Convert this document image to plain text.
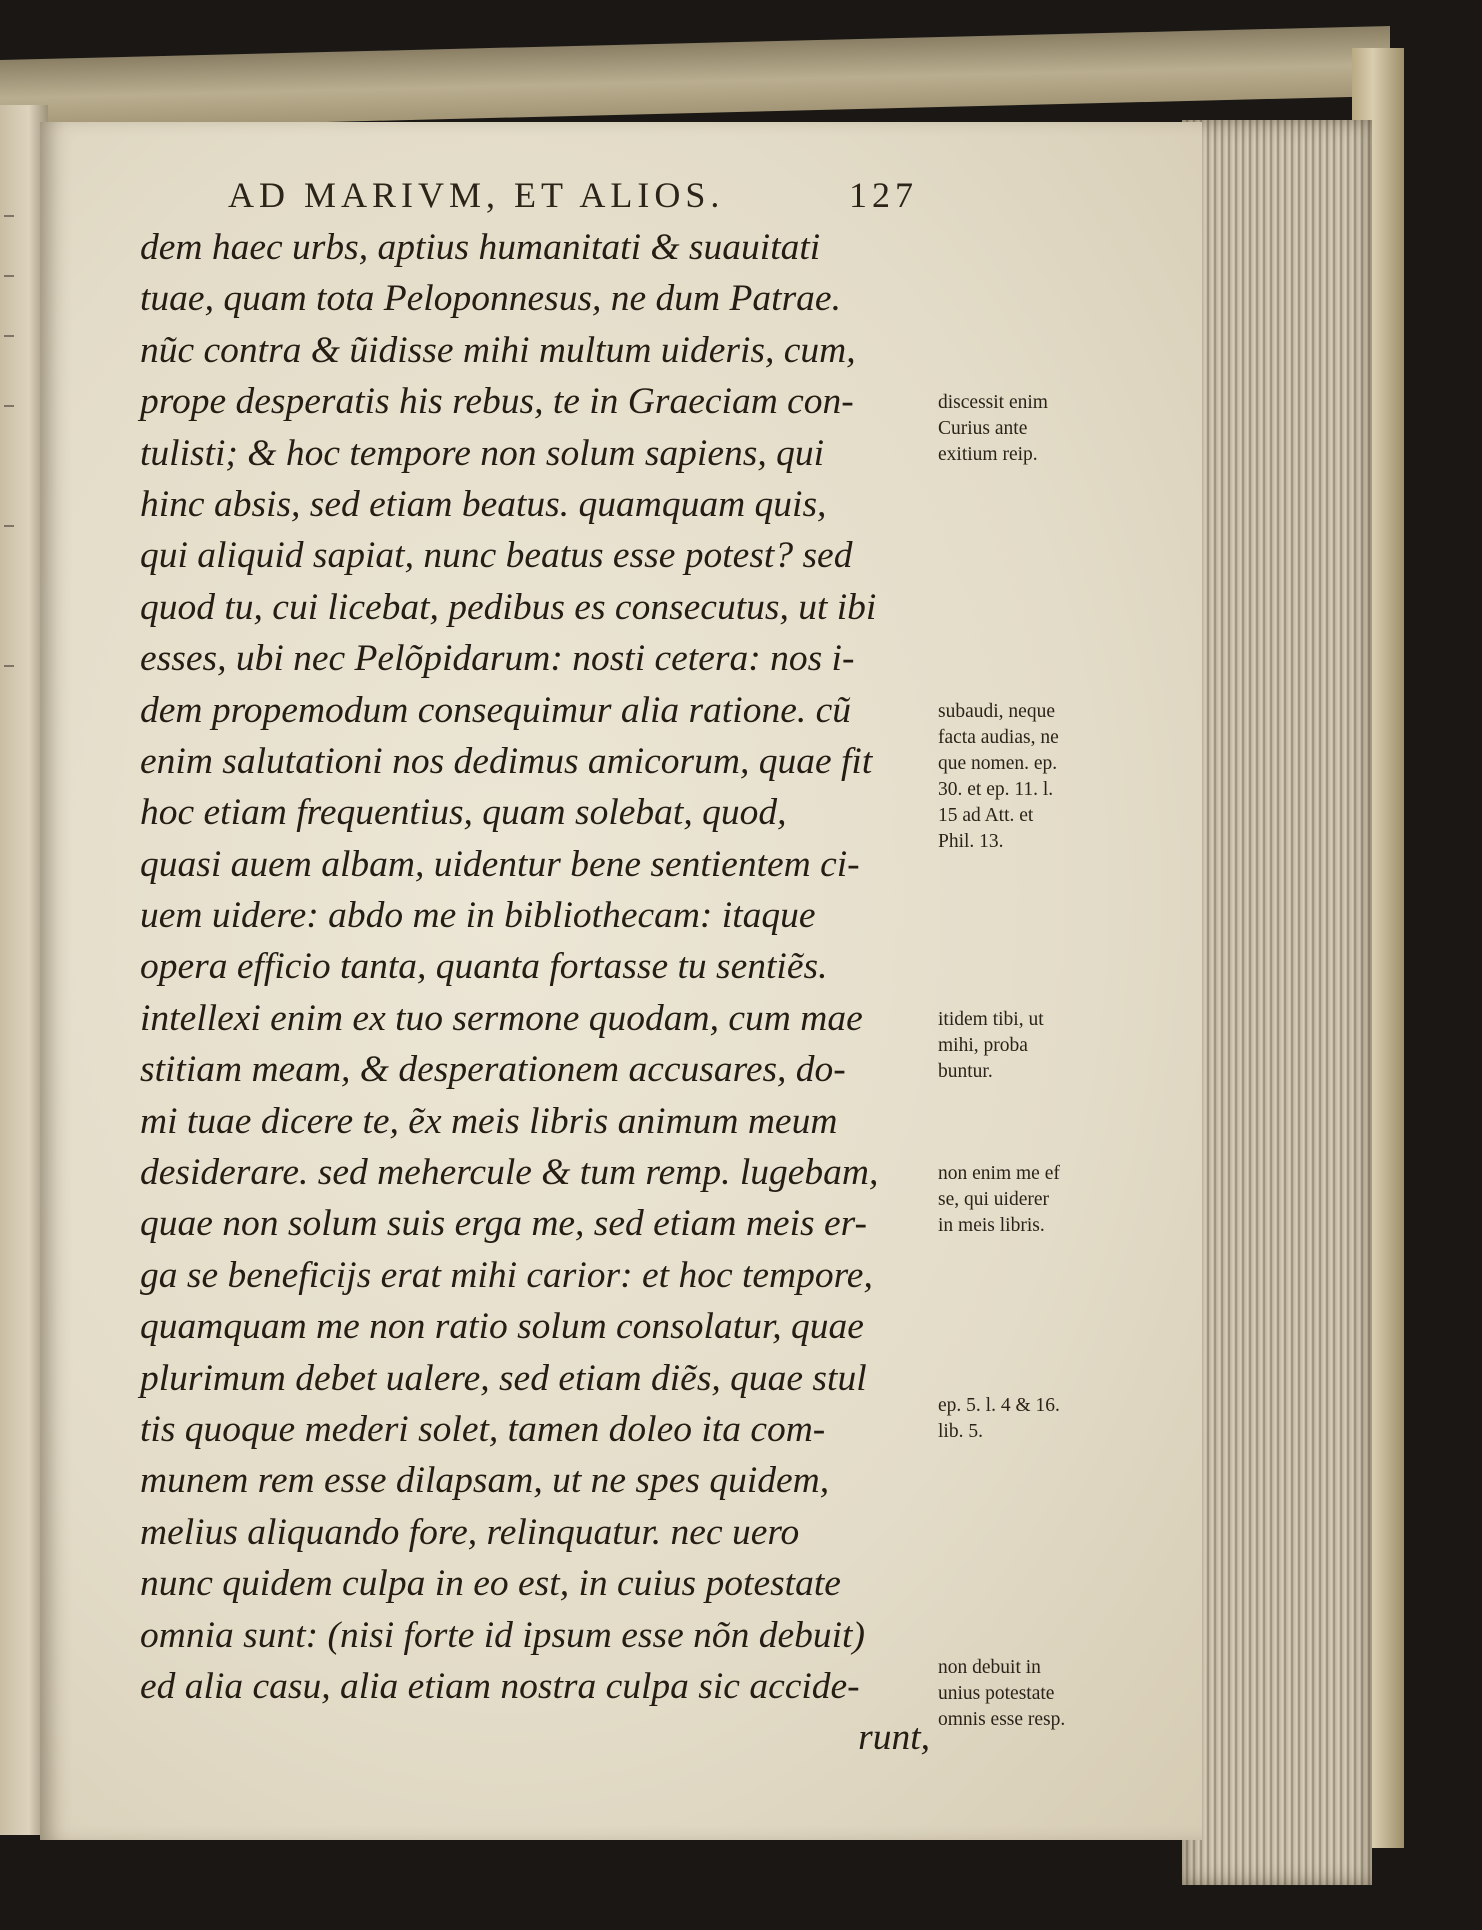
AD MARIVM, ET ALIOS.	127
dem haec urbs, aptius humanitati & suauitati
tuae, quam tota Peloponnesus, ne dum Patrae.
nũc contra & ũidisse mihi multum uideris, cum,
prope desperatis his rebus, te in Graeciam con-
tulisti; & hoc tempore non solum sapiens, qui
hinc absis, sed etiam beatus. quamquam quis,
qui aliquid sapiat, nunc beatus esse potest? sed
quod tu, cui licebat, pedibus es consecutus, ut ibi
esses, ubi nec Pelõpidarum: nosti cetera: nos i-
dem propemodum consequimur alia ratione. cũ
enim salutationi nos dedimus amicorum, quae fit
hoc etiam frequentius, quam solebat, quod,
quasi auem albam, uidentur bene sentientem ci-
uem uidere: abdo me in bibliothecam: itaque
opera efficio tanta, quanta fortasse tu sentiẽs.
intellexi enim ex tuo sermone quodam, cum mae
stitiam meam, & desperationem accusares, do-
mi tuae dicere te, ẽx meis libris animum meum
desiderare. sed mehercule & tum remp. lugebam,
quae non solum suis erga me, sed etiam meis er-
ga se beneficijs erat mihi carior: et hoc tempore,
quamquam me non ratio solum consolatur, quae
plurimum debet ualere, sed etiam diẽs, quae stul
tis quoque mederi solet, tamen doleo ita com-
munem rem esse dilapsam, ut ne spes quidem,
melius aliquando fore, relinquatur. nec uero
nunc quidem culpa in eo est, in cuius potestate
omnia sunt: (nisi forte id ipsum esse nõn debuit)
ed alia casu, alia etiam nostra culpa sic accide-
runt,
discessit enim
Curius ante
exitium reip.
subaudi, neque
facta audias, ne
que nomen. ep.
30. et ep. 11. l.
15 ad Att. et
Phil. 13.
itidem tibi, ut
mihi, proba
buntur.
non enim me ef
se, qui uiderer
in meis libris.
ep. 5. l. 4 & 16.
lib. 5.
non debuit in
unius potestate
omnis esse resp.
